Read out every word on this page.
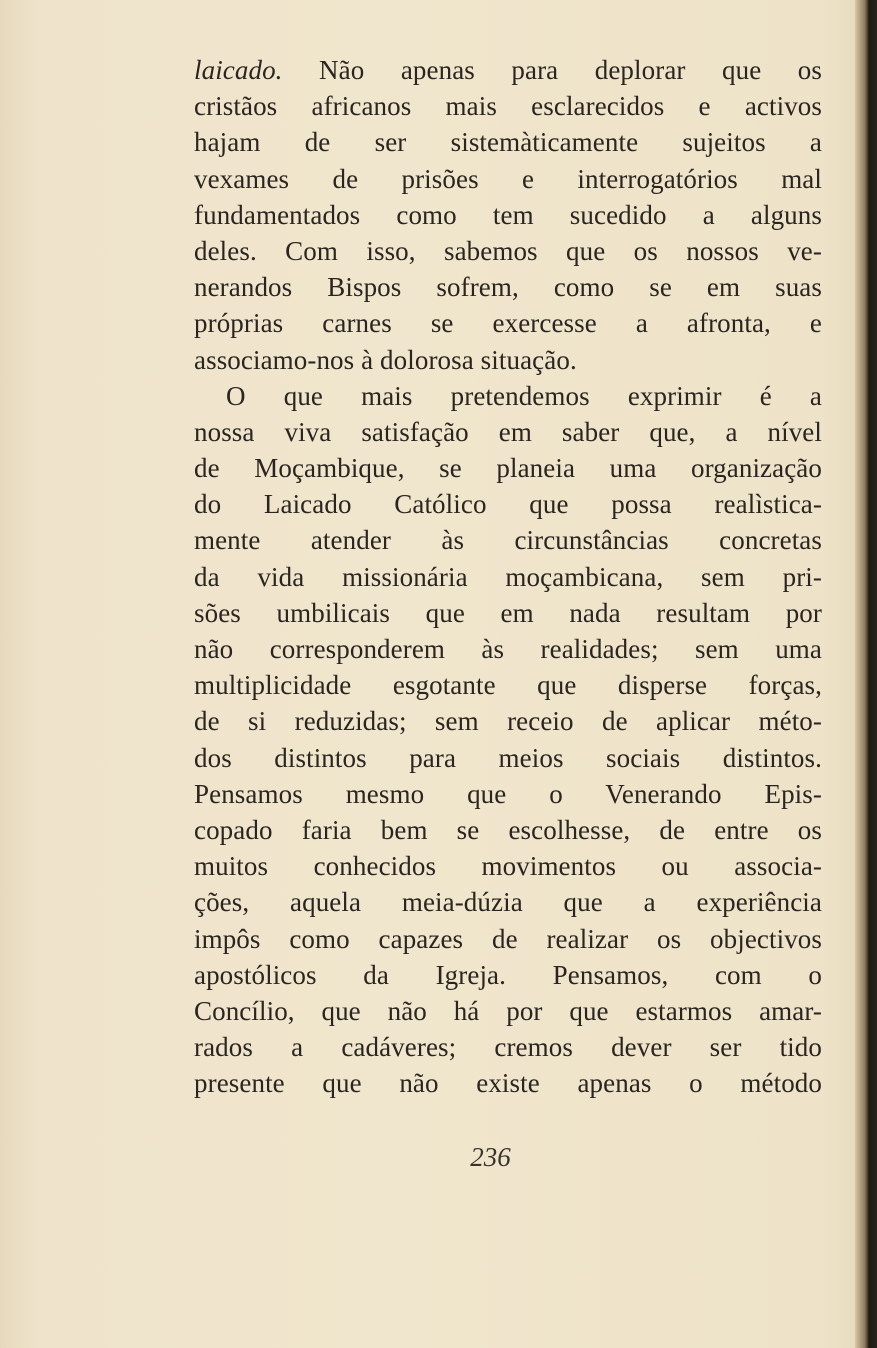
laicado. Não apenas para deplorar que os
cristãos africanos mais esclarecidos e activos
hajam de ser sistemàticamente sujeitos a
vexames de prisões e interrogatórios mal
fundamentados como tem sucedido a alguns
deles. Com isso, sabemos que os nossos ve-
nerandos Bispos sofrem, como se em suas
próprias carnes se exercesse a afronta, e
associamo-nos à dolorosa situação.
O que mais pretendemos exprimir é a
nossa viva satisfação em saber que, a nível
de Moçambique, se planeia uma organização
do Laicado Católico que possa realìstica-
mente atender às circunstâncias concretas
da vida missionária moçambicana, sem pri-
sões umbilicais que em nada resultam por
não corresponderem às realidades; sem uma
multiplicidade esgotante que disperse forças,
de si reduzidas; sem receio de aplicar méto-
dos distintos para meios sociais distintos.
Pensamos mesmo que o Venerando Epis-
copado faria bem se escolhesse, de entre os
muitos conhecidos movimentos ou associa-
ções, aquela meia-dúzia que a experiência
impôs como capazes de realizar os objectivos
apostólicos da Igreja. Pensamos, com o
Concílio, que não há por que estarmos amar-
rados a cadáveres; cremos dever ser tido
presente que não existe apenas o método
236
